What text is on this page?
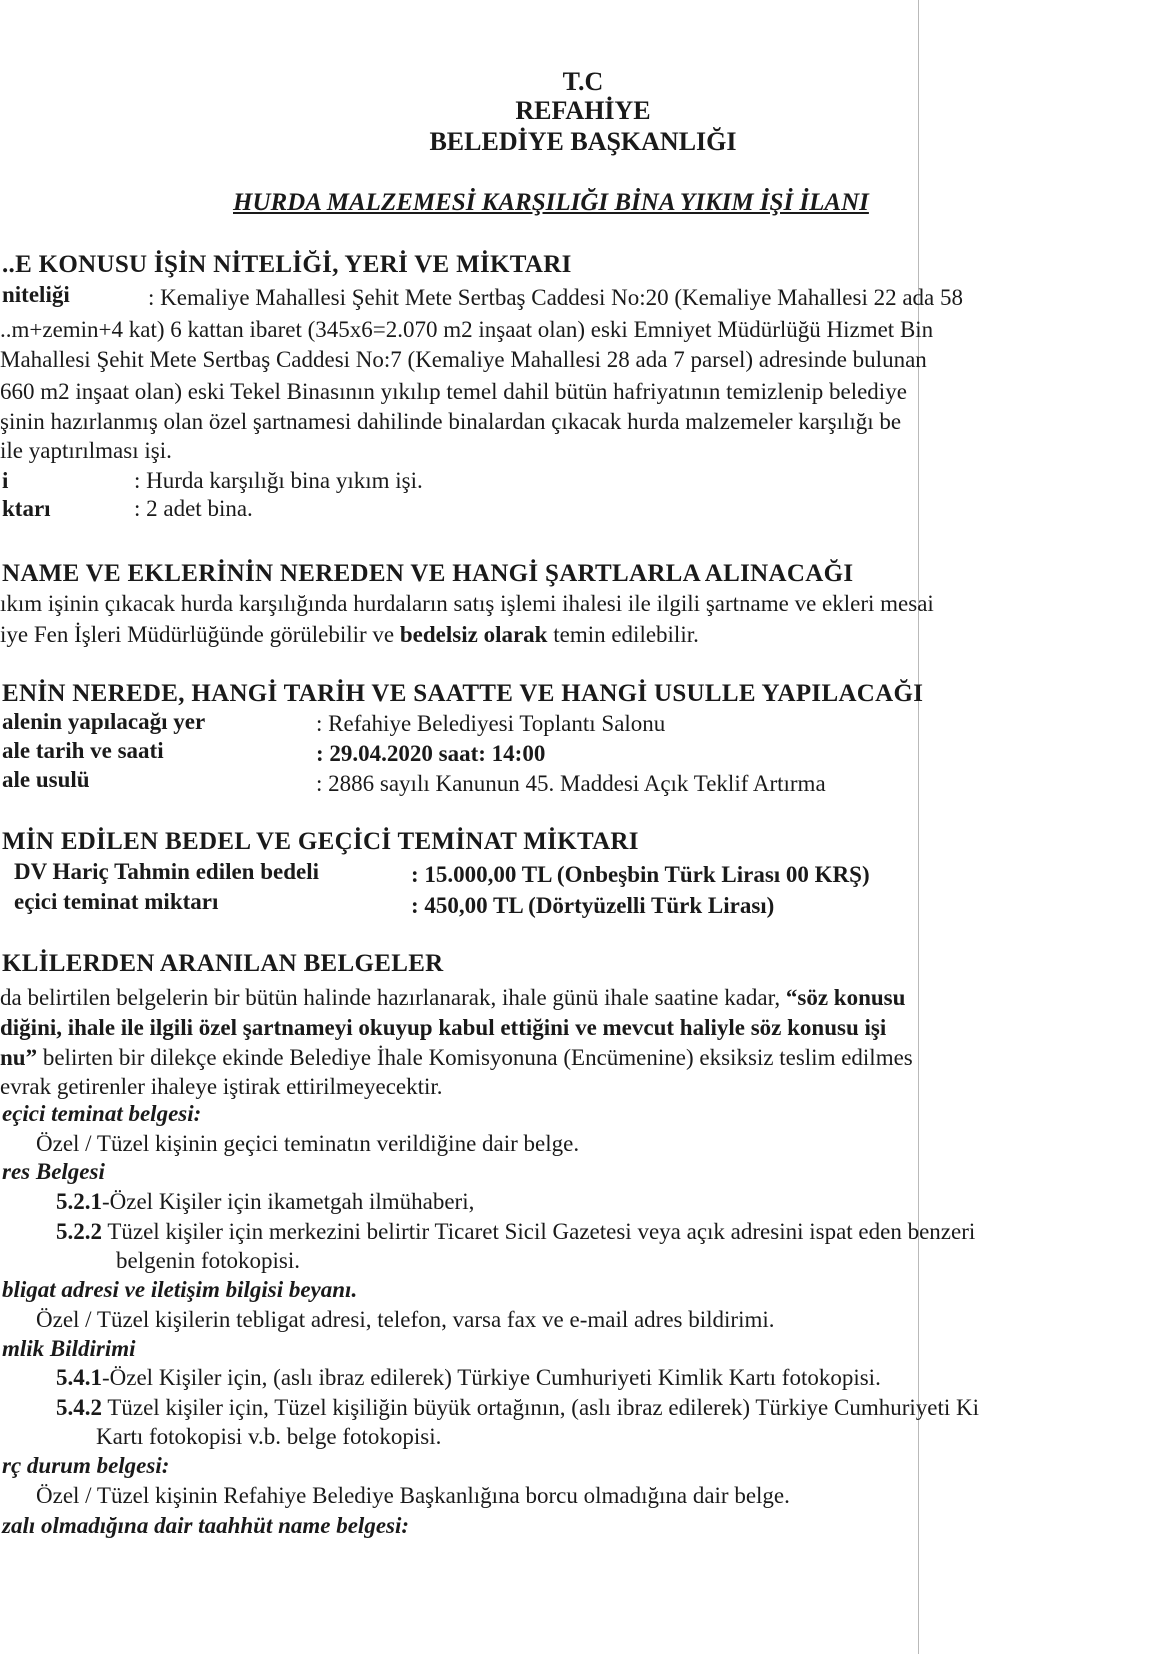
T.C
REFAHİYE
BELEDİYE BAŞKANLIĞI
HURDA MALZEMESİ KARŞILIĞI BİNA YIKIM İŞİ İLANI
..E KONUSU İŞİN NİTELİĞİ, YERİ VE MİKTARI
niteliği	: Kemaliye Mahallesi Şehit Mete Sertbaş Caddesi No:20 (Kemaliye Mahallesi 22 ada 58
..m+zemin+4 kat) 6 kattan ibaret (345x6=2.070 m2 inşaat olan) eski Emniyet Müdürlüğü Hizmet Bin
Mahallesi Şehit Mete Sertbaş Caddesi No:7 (Kemaliye Mahallesi 28 ada 7 parsel) adresinde bulunan
660 m2 inşaat olan) eski Tekel Binasının yıkılıp temel dahil bütün hafriyatının temizlenip belediye
şinin hazırlanmış olan özel şartnamesi dahilinde binalardan çıkacak hurda malzemeler karşılığı be
ile yaptırılması işi.
i	: Hurda karşılığı bina yıkım işi.
ktarı	: 2 adet bina.
NAME VE EKLERİNİN NEREDEN VE HANGİ ŞARTLARLA ALINACAĞI
ıkım işinin çıkacak hurda karşılığında hurdaların satış işlemi ihalesi ile ilgili şartname ve ekleri mesai
iye Fen İşleri Müdürlüğünde görülebilir ve bedelsiz olarak temin edilebilir.
ENİN NEREDE, HANGİ TARİH VE SAATTE VE HANGİ USULLE YAPILACAĞI
alenin yapılacağı yer	: Refahiye Belediyesi Toplantı Salonu
ale tarih ve saati	: 29.04.2020 saat: 14:00
ale usulü	: 2886 sayılı Kanunun 45. Maddesi Açık Teklif Artırma
MİN EDİLEN BEDEL VE GEÇİCİ TEMİNAT MİKTARI
DV Hariç Tahmin edilen bedeli	: 15.000,00 TL (Onbeşbin Türk Lirası 00 KRŞ)
eçici teminat miktarı	: 450,00 TL (Dörtyüzelli Türk Lirası)
KLİLERDEN ARANILAN BELGELER
da belirtilen belgelerin bir bütün halinde hazırlanarak, ihale günü ihale saatine kadar, “söz konusu
diğini, ihale ile ilgili özel şartnameyi okuyup kabul ettiğini ve mevcut haliyle söz konusu işi
nu” belirten bir dilekçe ekinde Belediye İhale Komisyonuna (Encümenine) eksiksiz teslim edilmes
evrak getirenler ihaleye iştirak ettirilmeyecektir.
eçici teminat belgesi:
Özel / Tüzel kişinin geçici teminatın verildiğine dair belge.
res Belgesi
5.2.1-Özel Kişiler için ikametgah ilmühaberi,
5.2.2 Tüzel kişiler için merkezini belirtir Ticaret Sicil Gazetesi veya açık adresini ispat eden benzeri
belgenin fotokopisi.
bligat adresi ve iletişim bilgisi beyanı.
Özel / Tüzel kişilerin tebligat adresi, telefon, varsa fax ve e-mail adres bildirimi.
mlik Bildirimi
5.4.1-Özel Kişiler için, (aslı ibraz edilerek) Türkiye Cumhuriyeti Kimlik Kartı fotokopisi.
5.4.2 Tüzel kişiler için, Tüzel kişiliğin büyük ortağının, (aslı ibraz edilerek) Türkiye Cumhuriyeti Ki
Kartı fotokopisi v.b. belge fotokopisi.
rç durum belgesi:
Özel / Tüzel kişinin Refahiye Belediye Başkanlığına borcu olmadığına dair belge.
zalı olmadığına dair taahhüt name belgesi:
